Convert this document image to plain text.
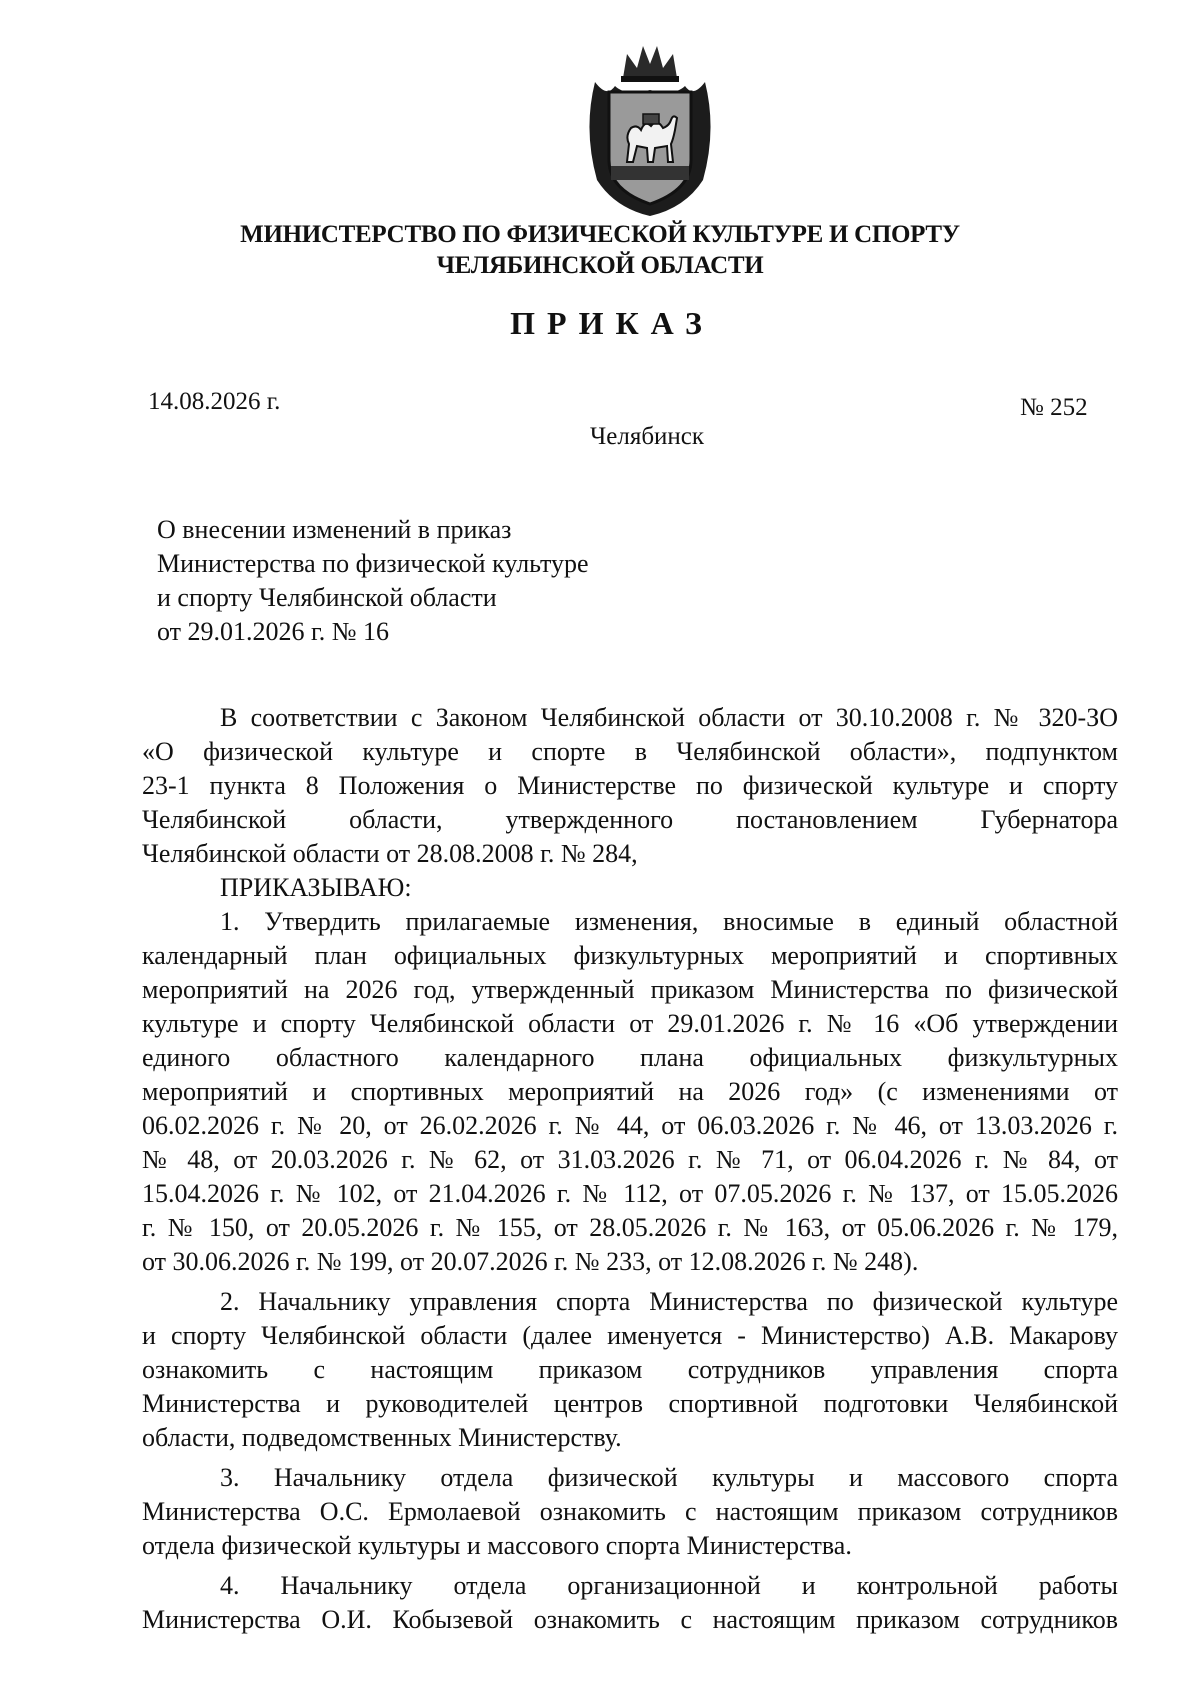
МИНИСТЕРСТВО ПО ФИЗИЧЕСКОЙ КУЛЬТУРЕ И СПОРТУ
ЧЕЛЯБИНСКОЙ ОБЛАСТИ
ПРИКАЗ
14.08.2026 г.	№ 252
Челябинск
О внесении изменений в приказ
Министерства по физической культуре
и спорту Челябинской области
от 29.01.2026 г. № 16
В соответствии с Законом Челябинской области от 30.10.2008 г. № 320-ЗО
«О физической культуре и спорте в Челябинской области», подпунктом
23-1 пункта 8 Положения о Министерстве по физической культуре и спорту
Челябинской области, утвержденного постановлением Губернатора
Челябинской области от 28.08.2008 г. № 284,
ПРИКАЗЫВАЮ:
1. Утвердить прилагаемые изменения, вносимые в единый областной
календарный план официальных физкультурных мероприятий и спортивных
мероприятий на 2026 год, утвержденный приказом Министерства по физической
культуре и спорту Челябинской области от 29.01.2026 г. № 16 «Об утверждении
единого областного календарного плана официальных физкультурных
мероприятий и спортивных мероприятий на 2026 год» (с изменениями от
06.02.2026 г. № 20, от 26.02.2026 г. № 44, от 06.03.2026 г. № 46, от 13.03.2026 г.
№ 48, от 20.03.2026 г. № 62, от 31.03.2026 г. № 71, от 06.04.2026 г. № 84, от
15.04.2026 г. № 102, от 21.04.2026 г. № 112, от 07.05.2026 г. № 137, от 15.05.2026
г. № 150, от 20.05.2026 г. № 155, от 28.05.2026 г. № 163, от 05.06.2026 г. № 179,
от 30.06.2026 г. № 199, от 20.07.2026 г. № 233, от 12.08.2026 г. № 248).
2. Начальнику управления спорта Министерства по физической культуре
и спорту Челябинской области (далее именуется - Министерство) А.В. Макарову
ознакомить с настоящим приказом сотрудников управления спорта
Министерства и руководителей центров спортивной подготовки Челябинской
области, подведомственных Министерству.
3. Начальнику отдела физической культуры и массового спорта
Министерства О.С. Ермолаевой ознакомить с настоящим приказом сотрудников
отдела физической культуры и массового спорта Министерства.
4. Начальнику отдела организационной и контрольной работы
Министерства О.И. Кобызевой ознакомить с настоящим приказом сотрудников
